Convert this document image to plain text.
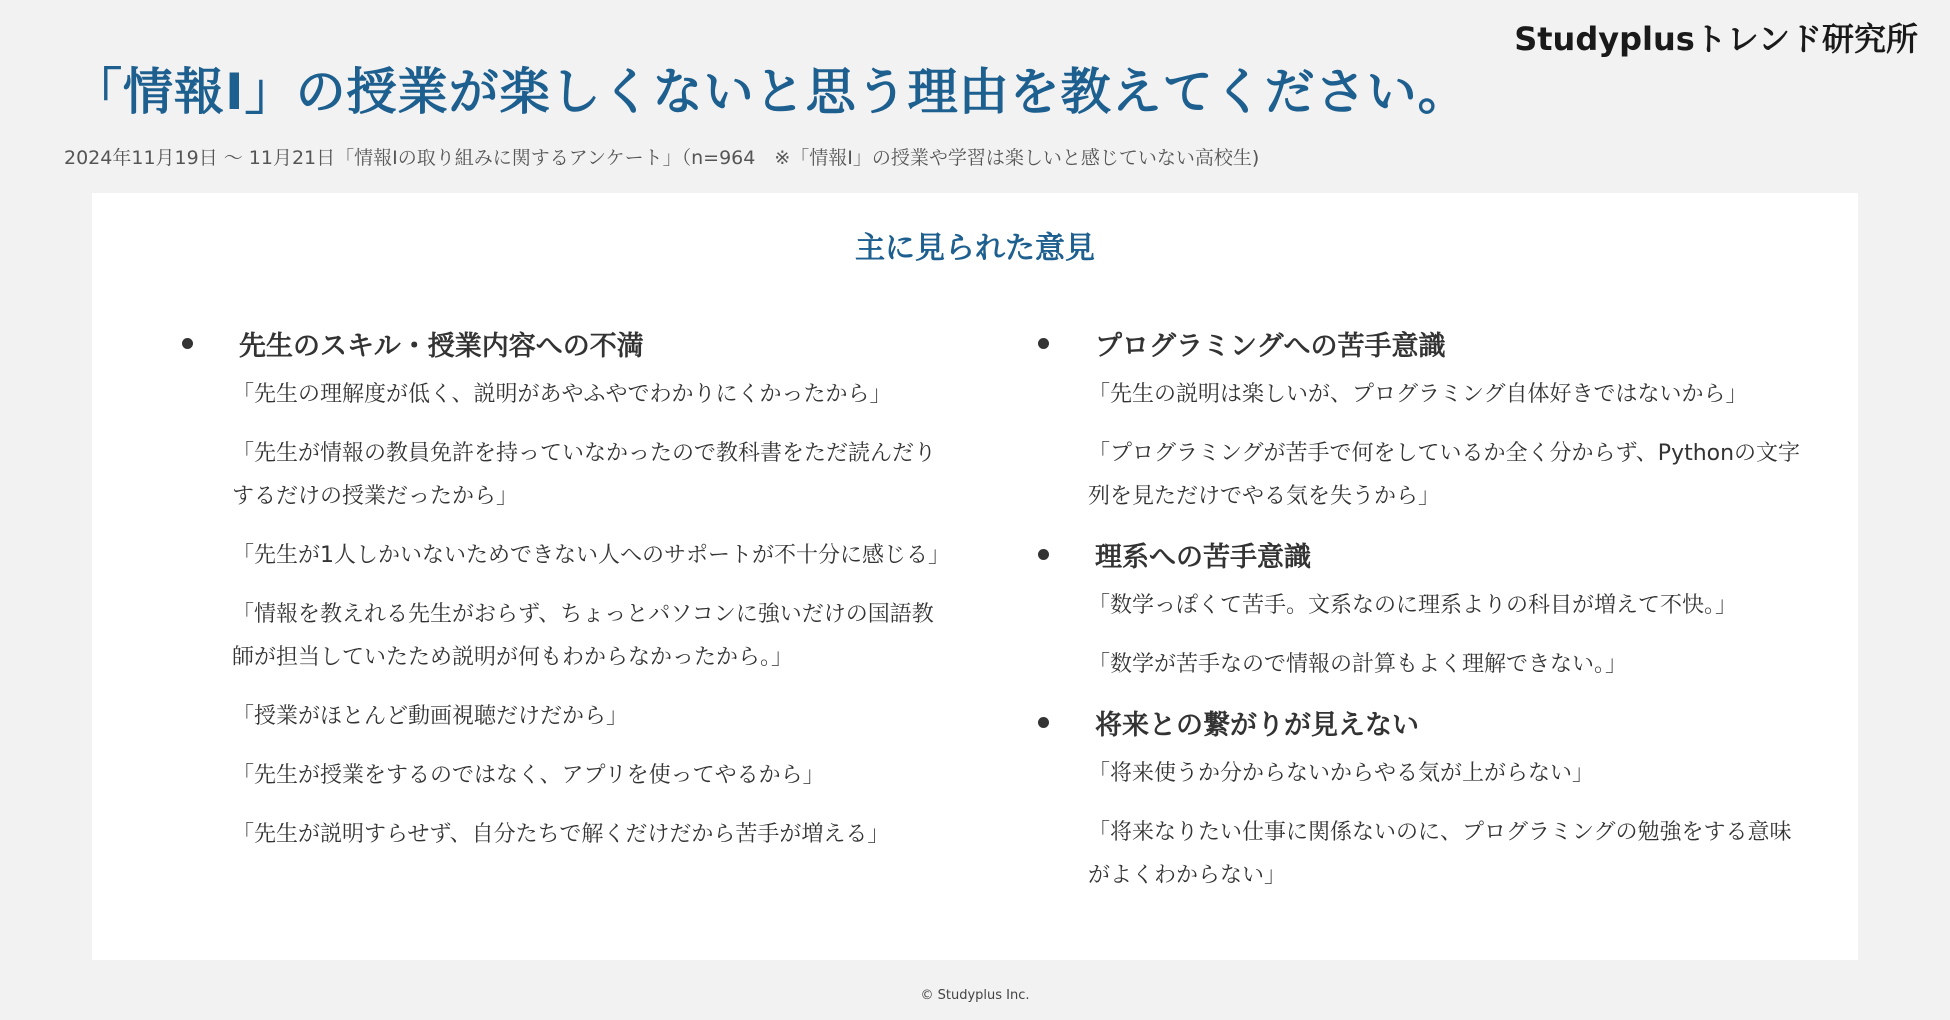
Studyplusトレンド研究所
「情報Ⅰ」の授業が楽しくないと思う理由を教えてください。
2024年11月19日 〜 11月21日「情報Ⅰの取り組みに関するアンケート」（n=964　※「情報Ⅰ」の授業や学習は楽しいと感じていない高校生)
主に見られた意見
先生のスキル・授業内容への不満
「先生の理解度が低く、説明があやふやでわかりにくかったから」
「先生が情報の教員免許を持っていなかったので教科書をただ読んだりするだけの授業だったから」
「先生が1人しかいないためできない人へのサポートが不十分に感じる」
「情報を教えれる先生がおらず、ちょっとパソコンに強いだけの国語教師が担当していたため説明が何もわからなかったから。」
「授業がほとんど動画視聴だけだから」
「先生が授業をするのではなく、アプリを使ってやるから」
「先生が説明すらせず、自分たちで解くだけだから苦手が増える」
プログラミングへの苦手意識
「先生の説明は楽しいが、プログラミング自体好きではないから」
「プログラミングが苦手で何をしているか全く分からず、Pythonの文字列を見ただけでやる気を失うから」
理系への苦手意識
「数学っぽくて苦手。文系なのに理系よりの科目が増えて不快。」
「数学が苦手なので情報の計算もよく理解できない。」
将来との繋がりが見えない
「将来使うか分からないからやる気が上がらない」
「将来なりたい仕事に関係ないのに、プログラミングの勉強をする意味がよくわからない」
© Studyplus Inc.
